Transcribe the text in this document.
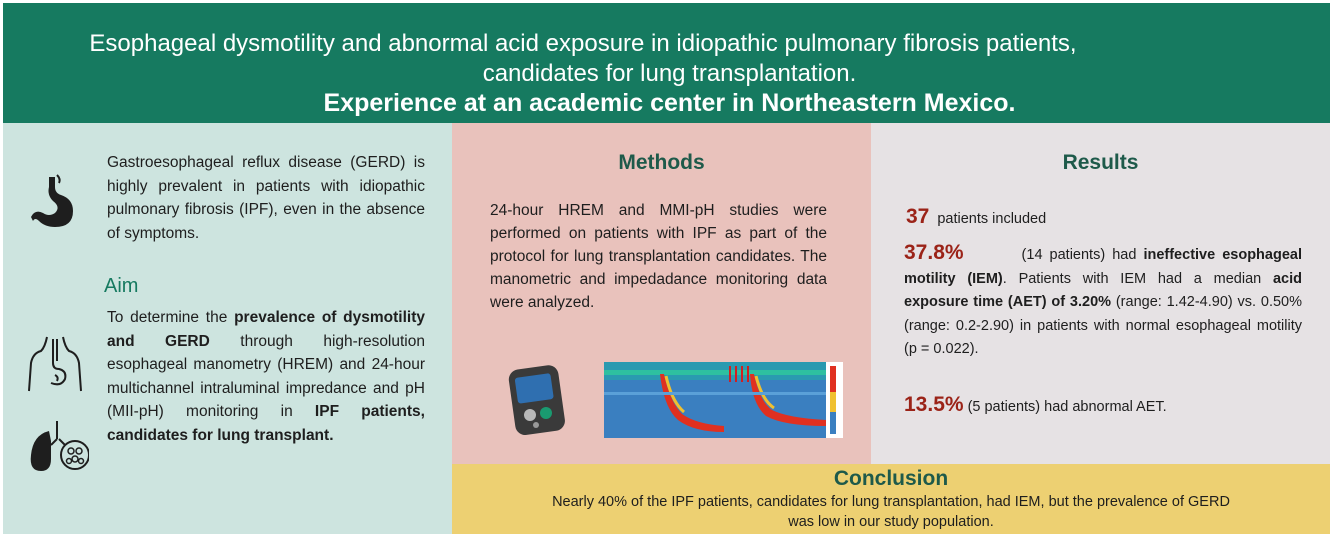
Esophageal dysmotility and abnormal acid exposure in idiopathic pulmonary fibrosis patients,
candidates for lung transplantation.
Experience at an academic center in Northeastern Mexico.
Gastroesophageal reflux disease (GERD) is highly prevalent in patients with idiopathic pulmonary fibrosis (IPF), even in the absence of symptoms.
Aim
To determine the prevalence of dysmotility and GERD through high-resolution esophageal manometry (HREM) and 24-hour multichannel intraluminal impredance and pH (MII-pH) monitoring in IPF patients, candidates for lung transplant.
Methods
24-hour HREM and MMI-pH studies were performed on patients with IPF as part of the protocol for lung transplantation candidates. The manometric and impedadance monitoring data were analyzed.
Results
37 patients included
37.8%	(14 patients) had ineffective esophageal motility (IEM). Patients with IEM had a median acid exposure time (AET) of 3.20% (range: 1.42-4.90) vs. 0.50% (range: 0.2-2.90) in patients with normal esophageal motility (p = 0.022).
13.5% (5 patients) had abnormal AET.
Conclusion
Nearly 40% of the IPF patients, candidates for lung transplantation, had IEM, but the prevalence of GERD
was low in our study population.
